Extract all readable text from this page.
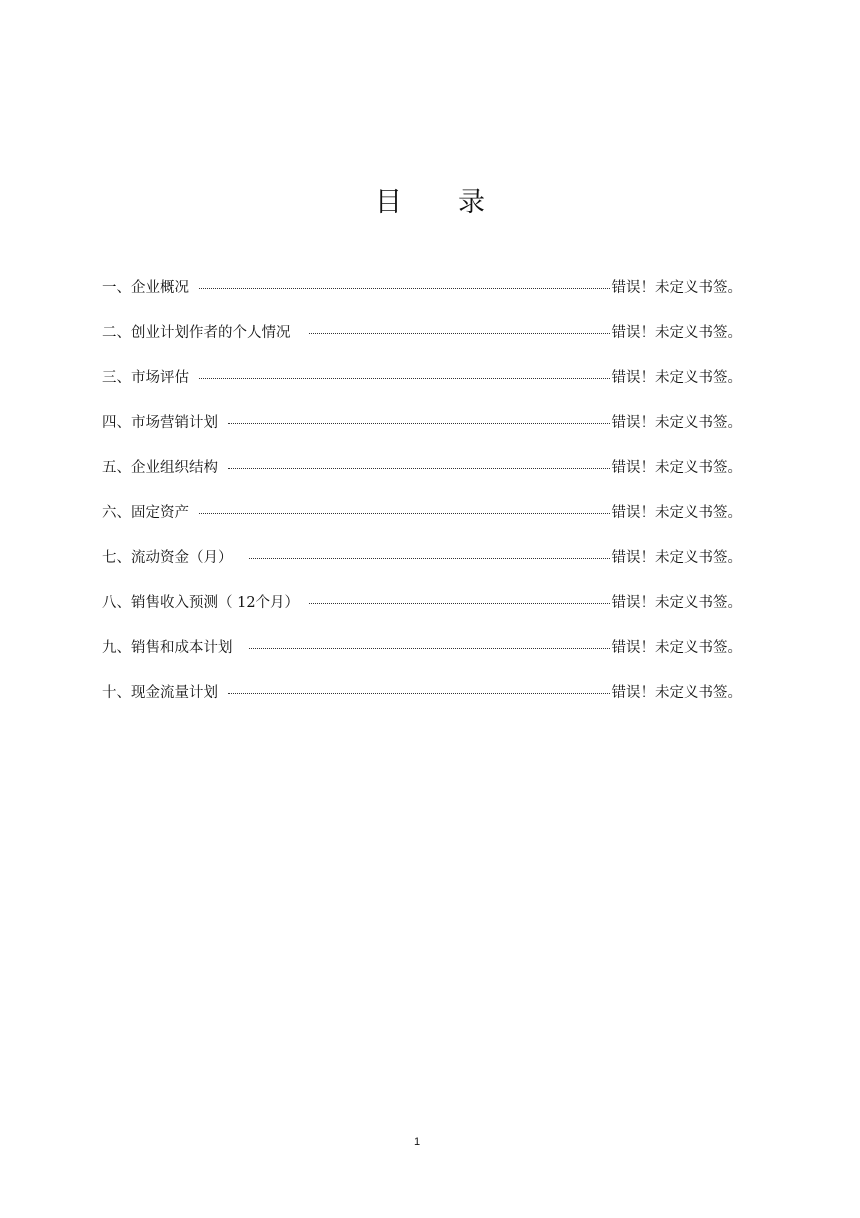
目 录
一、企业概况	错误！未定义书签。
二、创业计划作者的个人情况	错误！未定义书签。
三、市场评估	错误！未定义书签。
四、市场营销计划	错误！未定义书签。
五、企业组织结构	错误！未定义书签。
六、固定资产	错误！未定义书签。
七、流动资金（月）	错误！未定义书签。
八、销售收入预测（ 12个月）	错误！未定义书签。
九、销售和成本计划	错误！未定义书签。
十、现金流量计划	错误！未定义书签。
1
